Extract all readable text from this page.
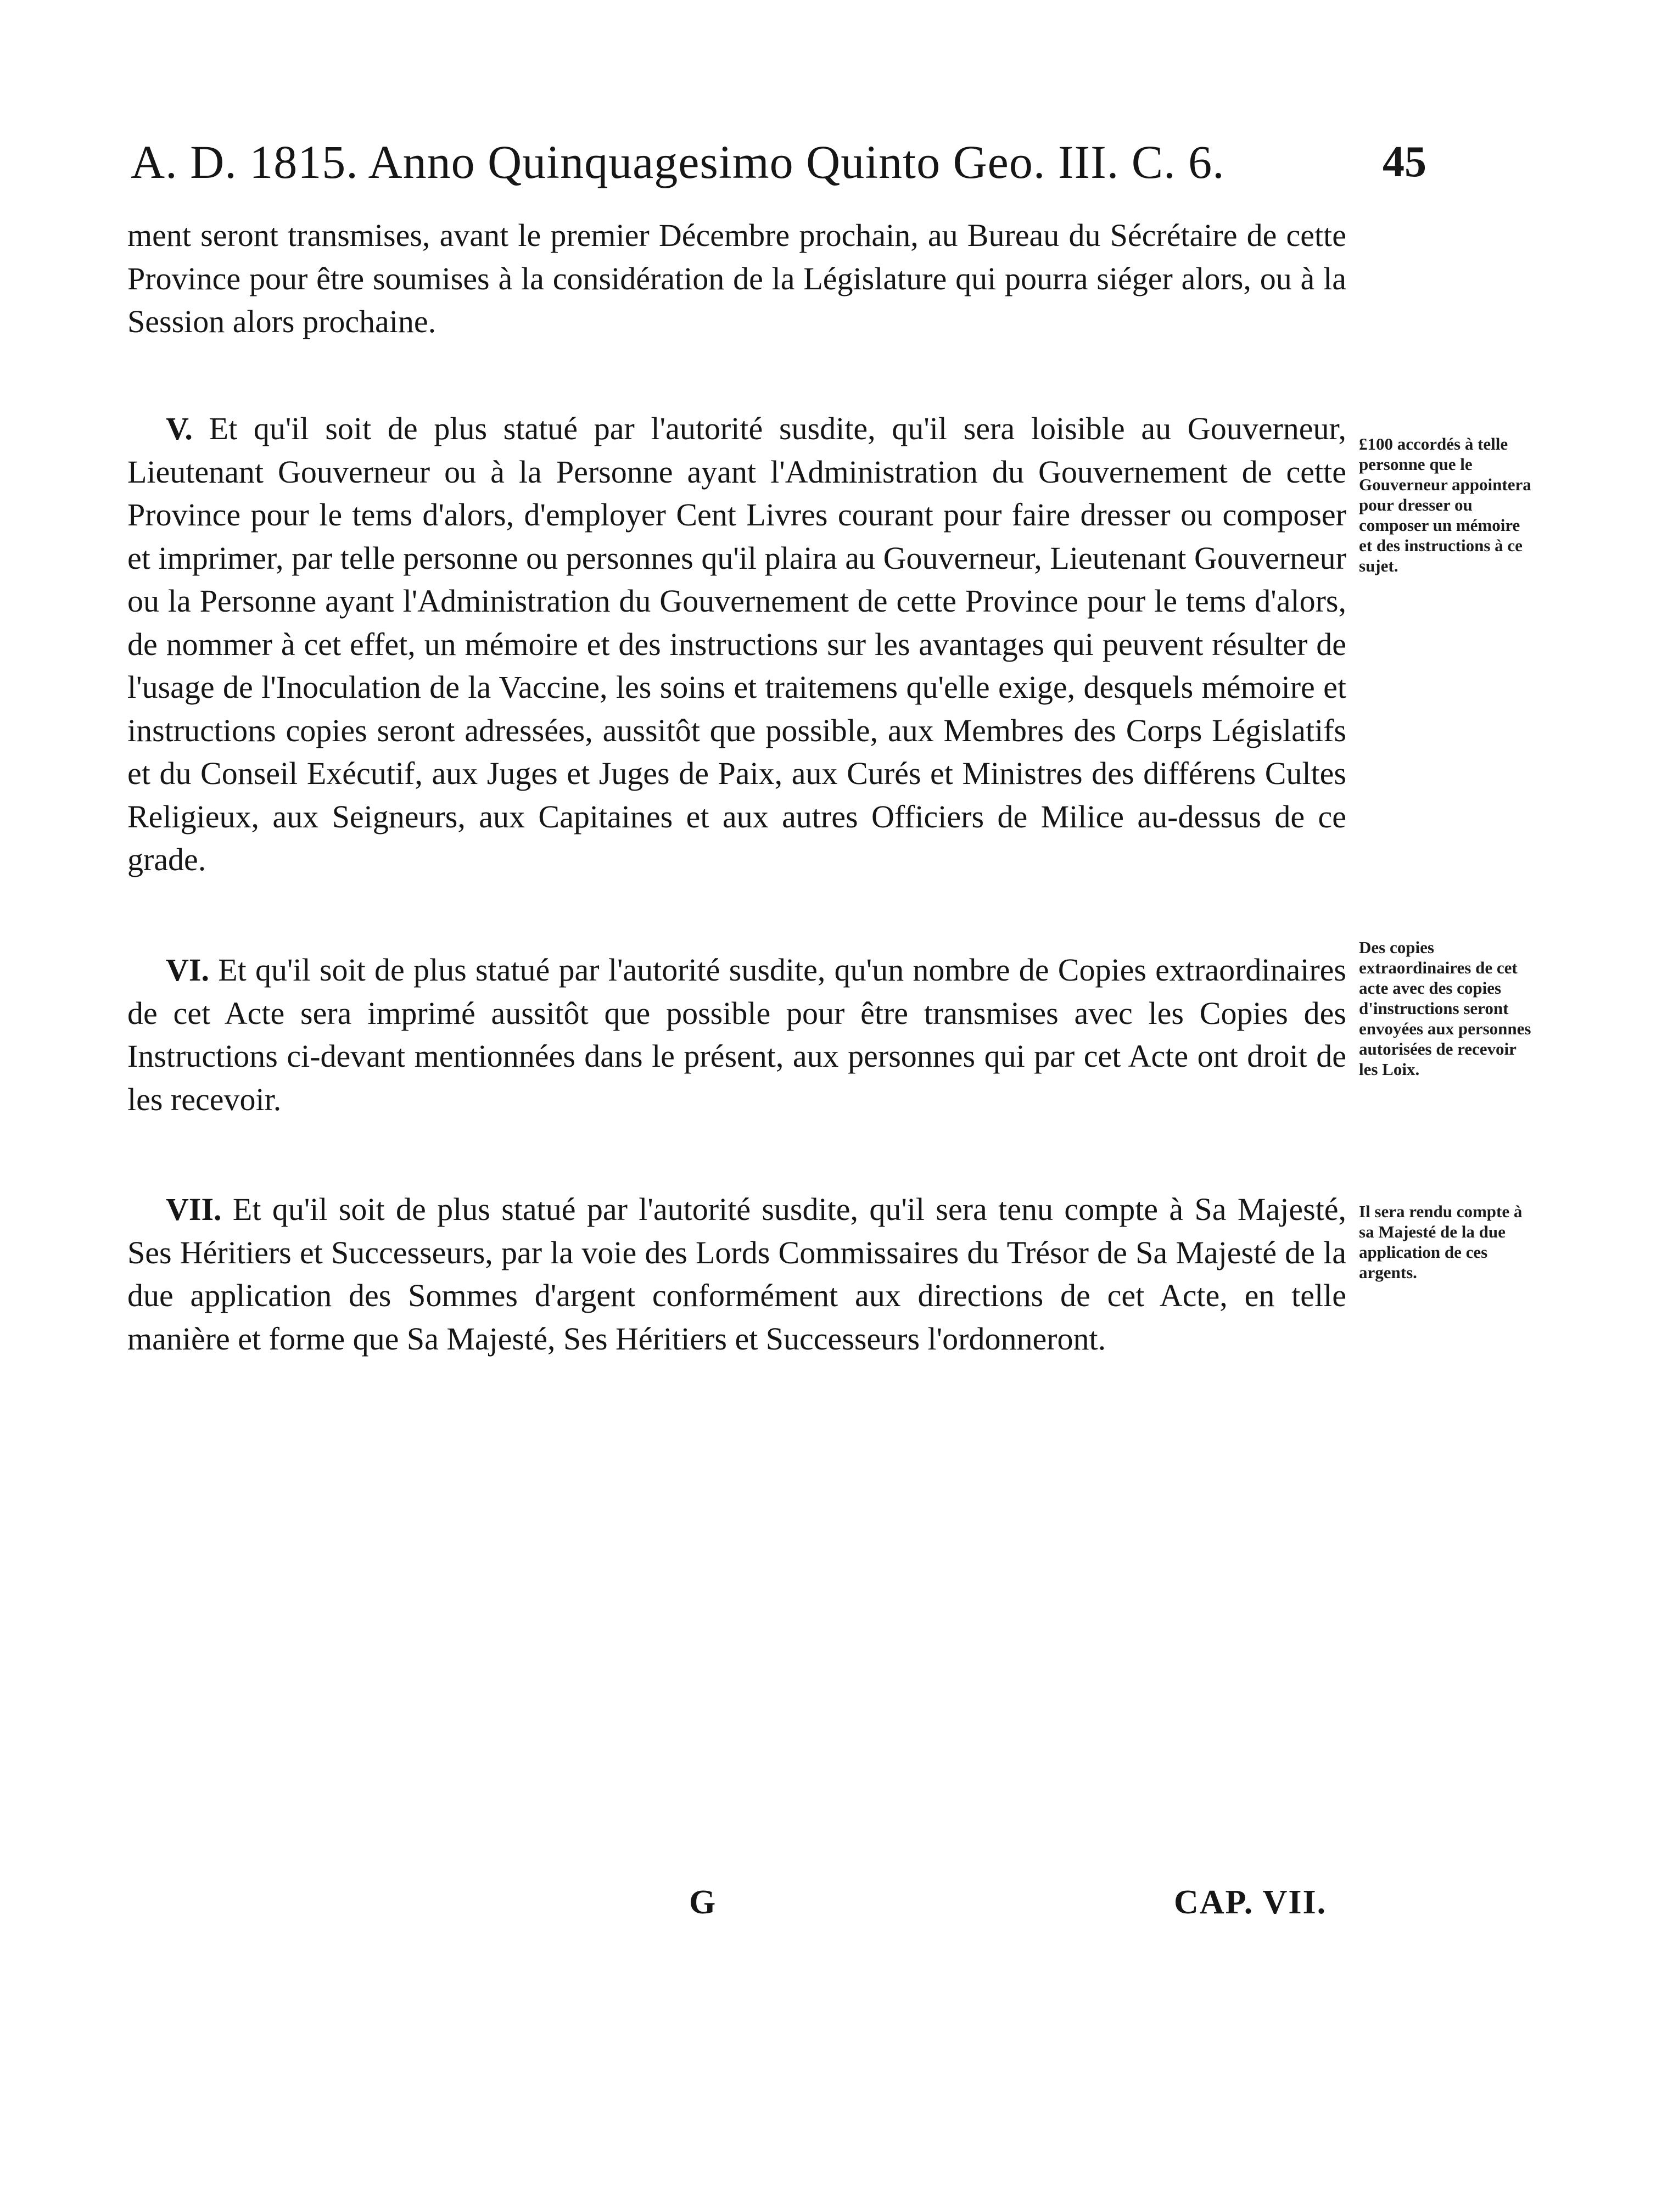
A. D. 1815. Anno Quinquagesimo Quinto Geo. III. C. 6.	45
ment seront transmises, avant le premier Décembre prochain, au Bureau du Sécrétaire de cette Province pour être soumises à la considération de la Législature qui pourra siéger alors, ou à la Session alors prochaine.
V. Et qu'il soit de plus statué par l'autorité susdite, qu'il sera loisible au Gouverneur, Lieutenant Gouverneur ou à la Personne ayant l'Administration du Gouvernement de cette Province pour le tems d'alors, d'employer Cent Livres courant pour faire dresser ou composer et imprimer, par telle personne ou personnes qu'il plaira au Gouverneur, Lieutenant Gouverneur ou la Personne ayant l'Administration du Gouvernement de cette Province pour le tems d'alors, de nommer à cet effet, un mémoire et des instructions sur les avantages qui peuvent résulter de l'usage de l'Inoculation de la Vaccine, les soins et traitemens qu'elle exige, desquels mémoire et instructions copies seront adressées, aussitôt que possible, aux Membres des Corps Législatifs et du Conseil Exécutif, aux Juges et Juges de Paix, aux Curés et Ministres des différens Cultes Religieux, aux Seigneurs, aux Capitaines et aux autres Officiers de Milice au-dessus de ce grade.
£100 accordés à telle personne que le Gouverneur appointera pour dresser ou composer un mémoire et des instructions à ce sujet.
VI. Et qu'il soit de plus statué par l'autorité susdite, qu'un nombre de Copies extraordinaires de cet Acte sera imprimé aussitôt que possible pour être transmises avec les Copies des Instructions ci-devant mentionnées dans le présent, aux personnes qui par cet Acte ont droit de les recevoir.
Des copies extraordinaires de cet acte avec des copies d'instructions seront envoyées aux personnes autorisées de recevoir les Loix.
VII. Et qu'il soit de plus statué par l'autorité susdite, qu'il sera tenu compte à Sa Majesté, Ses Héritiers et Successeurs, par la voie des Lords Commissaires du Trésor de Sa Majesté de la due application des Sommes d'argent conformément aux directions de cet Acte, en telle manière et forme que Sa Majesté, Ses Héritiers et Successeurs l'ordonneront.
Il sera rendu compte à sa Majesté de la due application de ces argents.
G	CAP. VII.
